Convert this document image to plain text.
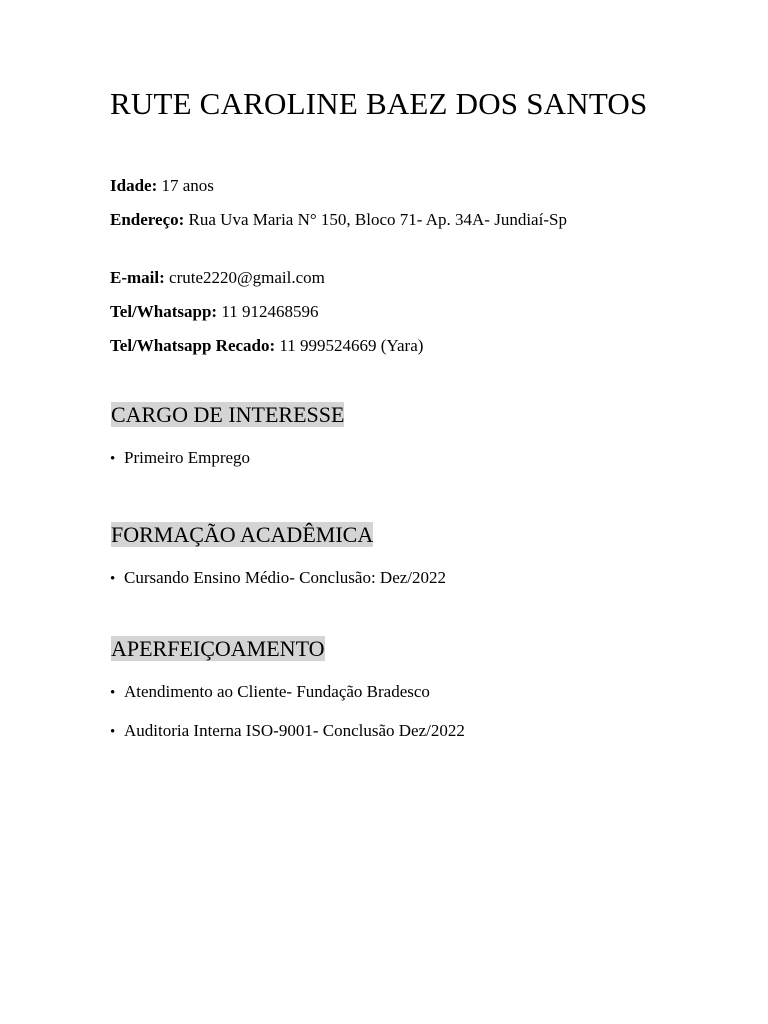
RUTE CAROLINE BAEZ DOS SANTOS

Idade: 17 anos

Endereço: Rua Uva Maria N° 150, Bloco 71- Ap. 34A- Jundiaí-Sp

E-mail: crute2220@gmail.com

Tel/Whatsapp: 11 912468596

Tel/Whatsapp Recado: 11 999524669 (Yara)

CARGO DE INTERESSE

• Primeiro Emprego

FORMAÇÃO ACADÊMICA

• Cursando Ensino Médio- Conclusão: Dez/2022

APERFEIÇOAMENTO

• Atendimento ao Cliente- Fundação Bradesco

• Auditoria Interna ISO-9001- Conclusão Dez/2022
